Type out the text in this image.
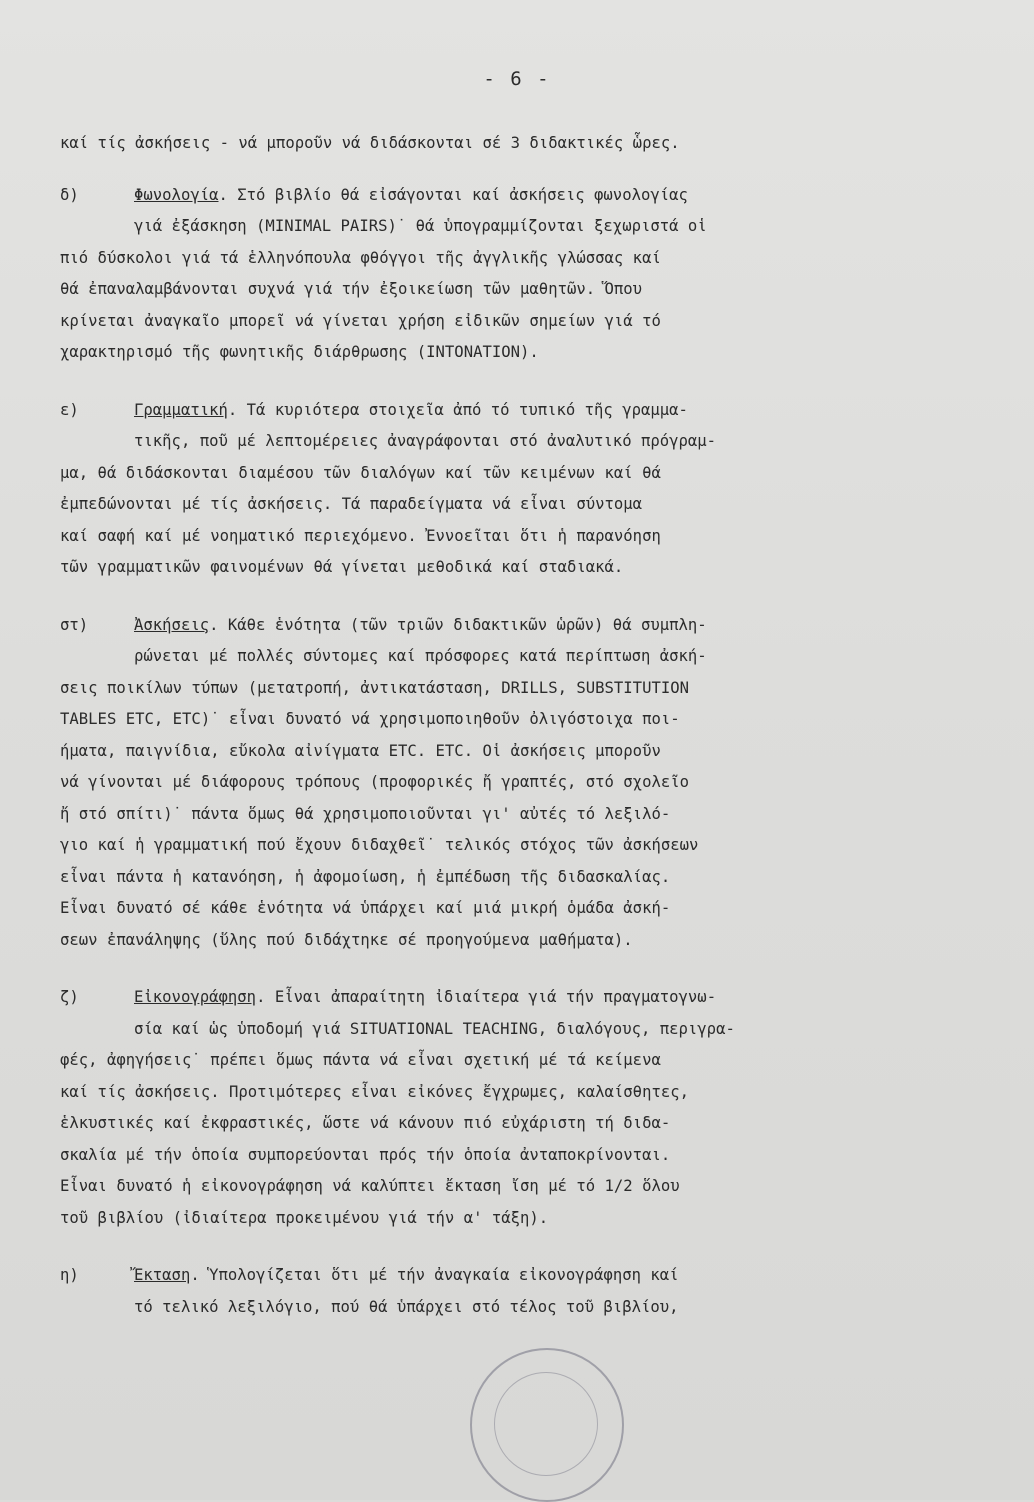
- 6 -
καί τίς ἀσκήσεις - νά μποροῦν νά διδάσκονται σέ 3 διδακτικές ὧρες.
δ)	Φωνολογία. Στό βιβλίο θά εἰσάγονται καί ἀσκήσεις φωνολογίας
γιά ἐξάσκηση (MINIMAL PAIRS)˙ θά ὑπογραμμίζονται ξεχωριστά οἱ
πιό δύσκολοι γιά τά ἑλληνόπουλα φθόγγοι τῆς ἀγγλικῆς γλώσσας καί
θά ἐπαναλαμβάνονται συχνά γιά τήν ἐξοικείωση τῶν μαθητῶν. Ὅπου
κρίνεται ἀναγκαῖο μπορεῖ νά γίνεται χρήση εἰδικῶν σημείων γιά τό
χαρακτηρισμό τῆς φωνητικῆς διάρθρωσης (INTONATION).
ε)	Γραμματική. Τά κυριότερα στοιχεῖα ἀπό τό τυπικό τῆς γραμμα-
τικῆς, ποῦ μέ λεπτομέρειες ἀναγράφονται στό ἀναλυτικό πρόγραμ-
μα, θά διδάσκονται διαμέσου τῶν διαλόγων καί τῶν κειμένων καί θά
ἐμπεδώνονται μέ τίς ἀσκήσεις. Τά παραδείγματα νά εἶναι σύντομα
καί σαφή καί μέ νοηματικό περιεχόμενο. Ἐννοεῖται ὅτι ἡ παρανόηση
τῶν γραμματικῶν φαινομένων θά γίνεται μεθοδικά καί σταδιακά.
στ)	Ἀσκήσεις. Κάθε ἑνότητα (τῶν τριῶν διδακτικῶν ὡρῶν) θά συμπλη-
ρώνεται μέ πολλές σύντομες καί πρόσφορες κατά περίπτωση ἀσκή-
σεις ποικίλων τύπων (μετατροπή, ἀντικατάσταση, DRILLS, SUBSTITUTION
TABLES ETC, ETC)˙ εἶναι δυνατό νά χρησιμοποιηθοῦν ὀλιγόστοιχα ποι-
ήματα, παιγνίδια, εὔκολα αἰνίγματα ETC. ETC. Οἱ ἀσκήσεις μποροῦν
νά γίνονται μέ διάφορους τρόπους (προφορικές ἤ γραπτές, στό σχολεῖο
ἤ στό σπίτι)˙ πάντα ὅμως θά χρησιμοποιοῦνται γι' αὐτές τό λεξιλό-
γιο καί ἡ γραμματική πού ἔχουν διδαχθεῖ˙ τελικός στόχος τῶν ἀσκήσεων
εἶναι πάντα ἡ κατανόηση, ἡ ἀφομοίωση, ἡ ἐμπέδωση τῆς διδασκαλίας.
Εἶναι δυνατό σέ κάθε ἑνότητα νά ὑπάρχει καί μιά μικρή ὁμάδα ἀσκή-
σεων ἐπανάληψης (ὕλης πού διδάχτηκε σέ προηγούμενα μαθήματα).
ζ)	Εἰκονογράφηση. Εἶναι ἀπαραίτητη ἰδιαίτερα γιά τήν πραγματογνω-
σία καί ὡς ὑποδομή γιά SITUATIONAL TEACHING, διαλόγους, περιγρα-
φές, ἀφηγήσεις˙ πρέπει ὅμως πάντα νά εἶναι σχετική μέ τά κείμενα
καί τίς ἀσκήσεις. Προτιμότερες εἶναι εἰκόνες ἔγχρωμες, καλαίσθητες,
ἑλκυστικές καί ἐκφραστικές, ὥστε νά κάνουν πιό εὐχάριστη τή διδα-
σκαλία μέ τήν ὁποία συμπορεύονται πρός τήν ὁποία ἀνταποκρίνονται.
Εἶναι δυνατό ἡ εἰκονογράφηση νά καλύπτει ἔκταση ἴση μέ τό 1/2 ὅλου
τοῦ βιβλίου (ἰδιαίτερα προκειμένου γιά τήν α' τάξη).
η)	Ἔκταση. Ὑπολογίζεται ὅτι μέ τήν ἀναγκαία εἰκονογράφηση καί
τό τελικό λεξιλόγιο, πού θά ὑπάρχει στό τέλος τοῦ βιβλίου,
